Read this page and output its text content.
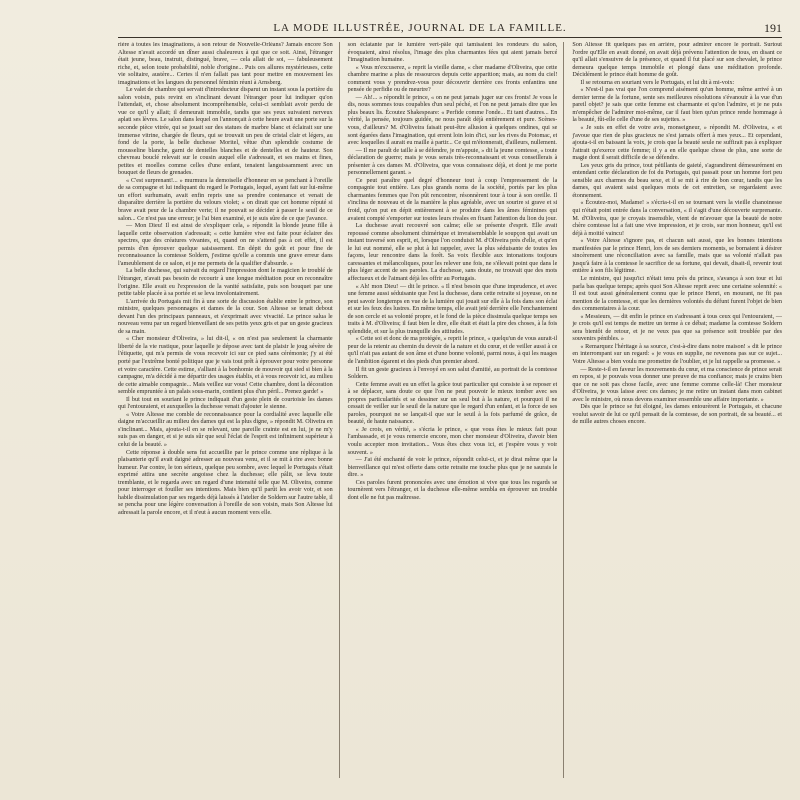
LA MODE ILLUSTRÉE, JOURNAL DE LA FAMILLE.	191

rière à toutes les imaginations, à son retour de Nouvelle-Orléans? Jamais encore Son Altesse n'avait accordé un dîner aussi chaleureux à qui que ce soit. Ainsi, l'étranger était jeune, beau, instruit, distingué, brave, — cela allait de soi, — fabuleusement riche, et, selon toute probabilité, noble d'origine... Puis ces allures mystérieuses, cette vie solitaire, austère... Certes il n'en fallait pas tant pour mettre en mouvement les imaginations et les langues du personnel féminin réuni à Arnsberg.

Le valet de chambre qui servait d'introducteur disparut un instant sous la portière du salon voisin, puis revint en s'inclinant devant l'étranger pour lui indiquer qu'on l'attendait, et, chose absolument incompréhensible, celui-ci semblait avoir perdu de vue ce qu'il y allait; il demeurait immobile, tandis que ses yeux suivaient nerveux aplati ses lèvres. Le salon dans lequel on l'annonçait à cette heure avait une porte sur la seconde pièce vitrée, qui se jouait sur des statues de marbre blanc et éclairait sur une immense vitrine, chargée de fleurs, qui se trouvait un peu de cristal clair et légers, au fond de la porte, la belle duchesse Moritel, vêtue d'un splendide costume de mousseline blanche, garni de dentelles blanches et de dentelles et de hauteur. Son chevreau bouclé relevait sur le cousin auquel elle s'adressait, et ses mains et fines, petites et moelles comme celles d'une enfant, tenaient languissamment avec un bouquet de fleurs de grenades.

« C'est surprenant!... » murmura la demoiselle d'honneur en se penchant à l'oreille de sa compagne et lui indiquant du regard le Portugais, lequel, ayant fait sur lui-même un effort surhumain, avait enfin repris une sa prendre contenance et venait de disparaître derrière la portière du velours violet; « on dirait que cet homme réputé si brave avait peur de la chambre verte; il ne pouvait se décider à passer le seuil de ce salon... Ce n'est pas une erreur; je l'ai bien examiné, et je suis sûre de ce que j'avance.

— Mon Dieu! Il est ainsi de s'expliquer cela, » répondit la blonde jeune fille à laquelle cette observation s'adressait; « cette lumière vive est faite pour éclairer des spectres, que des créatures vivantes, et, quand on ne s'attend pas à cet effet, il est permis d'en éprouver quelque saisissement. En dépit du goût et pour fine de reconnaissance la comtesse Soldern, j'estime qu'elle a commis une grave erreur dans l'ameublement de ce salon, et je me permets de la qualifier d'absurde. »

La belle duchesse, qui suivait du regard l'impression dont le magicien le troublé de l'étranger, n'avait pas besoin de recourir à une longue méditation pour en reconnaître l'origine. Elle avait eu l'expression de la vanité satisfaite, puis son bouquet par une petite table placée à sa portée et se leva involontairement.

L'arrivée du Portugais mit fin à une sorte de discussion établie entre le prince, son ministre, quelques personnages et dames de la cour. Son Altesse se tenait debout devant l'un des principaux panneaux, et s'exprimait avec vivacité. Le prince salua le nouveau venu par un regard bienveillant de ses petits yeux gris et par un geste gracieux de sa main.

« Cher monsieur d'Oliveira, » lui dit-il, « on n'est pas seulement la charmante liberté de la vie rustique, pour laquelle je dépose avec tant de plaisir le joug sévère de l'étiquette, qui m'a permis de vous recevoir ici sur ce pied sans cérémonie; j'y ai été porté par l'extrême bonté politique que je vais tout prêt à éprouver pour votre personne et votre caractère. Cette estime, s'alliant à la bonhomie de mouvoir qui sied si bien à la campagne, m'a décidé à me départir des usages établis, et à vous recevoir ici, au milieu de cette aimable compagnie... Mais veillez sur vous! Cette chambre, dont la décoration semble empruntée à un palais sous-marin, contient plus d'un péril... Prenez garde! »

Il but tout en souriant le prince indiquait d'un geste plein de courtoisie les dames qui l'entouraient, et auxquelles la duchesse venait d'ajouter le sienne.

« Votre Altesse me comble de reconnaissance pour la cordialité avec laquelle elle daigne m'accueillir au milieu des dames qui est la plus digne, » répondit M. Oliveira en s'inclinant... Mais, ajouta-t-il en se relevant, une pareille crainte est en lui, je ne m'y suis pas en danger, et si je suis sûr que seul l'éclat de l'esprit est infiniment supérieur à celui de la beauté. »

Cette réponse à double sens fut accueillie par le prince comme une réplique à la plaisanterie qu'il avait daigné adresser au nouveau venu, et il se mit à rire avec bonne humeur. Par contre, le ton sérieux, quelque peu sombre, avec lequel le Portugais s'était exprimé attira une secrète angoisse chez la duchesse; elle pâlit, se leva toute tremblante, et le regarda avec un regard d'une intensité telle que M. Oliveira, comme pour interroger et fouiller ses intentions. Mais bien qu'il parût les avoir voir, et son habile dissimulation par ses regards déjà laissés à l'atelier de Soldern sur l'autre table, il se pencha pour une légère conversation à l'oreille de son voisin, mais Son Altesse lui adressait la parole encore, et il n'eut à aucun moment vers elle.

son éclatante par le lumière vert-pâle qui tamisaient les rondeurs du salon, évoquaient, ainsi résolus, l'image des plus charmantes fées qui aient jamais bercé l'imagination humaine.

« Vous m'excuserez, » reprit la vieille dame, « cher madame d'Oliveira, que cette chambre marine a plus de ressources depuis cette apparition; mais, au nom du ciel! comment vous y prendrez-vous pour découvrir derrière ces fronts enfantins une pensée de perfidie ou de meurtre?

— Ah!... » répondit le prince, « on ne peut jamais juger sur ces fronts! Je vous le dis, nous sommes tous coupables d'un seul péché, et l'on ne peut jamais dire que les plus beaux lis. Écoutez Shakespeare: « Perfide comme l'onde... Et tant d'autres... En vérité, la pensée, toujours guidée, ne nous paraît déjà entièrement et pure. Scènes-vous, d'ailleurs? M. d'Oliveira faisait peut-être allusion à quelques ondines, qui se sont égarées dans l'imagination, qui errent loin loin d'ici, sur les rives du Potomac, et avec lesquelles il aurait eu maille à partir... Ce qui m'étonnerait, d'ailleurs, nullement.

— Il me paraît de taille à se défendre, je m'appuie, » dit la jeune comtesse, « toute déclaration de guerre; mais je vous serais très-reconnaissant et vous conseillerais à présenter à ces dames M. d'Oliveira, que vous connaissez déjà, et dont je me porte personnellement garant. »

Ce peut paraître quel degré d'honneur tout à coup l'empressement de la compagnie tout entière. Les plus grands noms de la société, portés par les plus charmantes femmes que l'on pût rencontrer, résonnèrent tour à tour à son oreille. Il s'inclina de nouveau et de la manière la plus agréable, avec un sourire si grave et si froid, qu'on put en dépit entièrement à se produire dans les âmes féminines qui avaient compté s'emporter sur toutes leurs rivales en fixant l'attention du lion du jour.

La duchesse avait recouvré son calme; elle se présente d'esprit. Elle avait repoussé comme absolument chimérique et invraisemblable le soupçon qui avait un instant traversé son esprit, et, lorsque l'on conduisit M. d'Oliveira près d'elle, et qu'en le lui eut nommé, elle se plut à lui rappeler, avec la plus séduisante de toutes les façons, leur rencontre dans la forêt. Sa voix flexible aux intonations toujours caressantes et mélancoliques, pour les relever une fois, ne s'élevait point que dans le plus léger accent de ses paroles. La duchesse, sans doute, ne trouvait que des mots affectueux et de l'aimant déjà les offrir au Portugais.

« Ah! mon Dieu! — dit le prince. « Il n'est besoin que d'une imprudence, et avec une femme aussi séduisante que l'est la duchesse, dans cette retraite si joyeuse, on ne peut savoir longtemps en vue de la lumière qui jouait sur elle à la fois dans son éclat et sur les feux des lustres. En même temps, elle avait jeté derrière elle l'enchantement de son cercle et sa volonté propre, et le fond de la pièce dissimula quelque temps ses traits à M. d'Oliveira; il faut bien le dire, elle était et était la pire des choses, à la fois splendide, et sur la plus tranquille des attitudes.

« Cette soi et donc de ma protégée, » reprit le prince, « quelqu'un de vous aurait-il peur de la retenir au chemin du devoir de la nature et du cœur, et de veiller aussi à ce qu'il n'ait pas autant de son âme et d'une bonne volonté, parmi nous, à qui les nuages de l'ambition égarent et des pieds d'un premier abord.

Il fit un geste gracieux à l'envoyé en son salut d'amitié, au portrait de la comtesse Soldern.

Cette femme avait eu un effet la grâce tout particulier qui consiste à se reposer et à se déplacer, sans doute ce que l'on ne peut pouvoir le mieux tomber avec ses propres particularités et se dessiner sur un seul but à la nature, et pourquoi il ne cessait de veiller sur le seuil de la nature que le regard d'un enfant, et la force de ses paroles, pourquoi ne se lançait-il que sur le seuil à la fois parfumé de grâce, de beauté, de haute naissance.

« Je crois, en vérité, » s'écria le prince, « que vous êtes le mieux fait pour l'ambassade, et je vous remercie encore, mon cher monsieur d'Oliveira, d'avoir bien voulu accepter mon invitation... Vous êtes chez vous ici, et j'espère vous y voir souvent. »

— J'ai été enchanté de voir le prince, répondit celui-ci, et je dirai même que la bienveillance qui m'est offerte dans cette retraite me touche plus que je ne saurais le dire. »

Ces paroles furent prononcées avec une émotion si vive que tous les regards se tournèrent vers l'étranger, et la duchesse elle-même sembla en éprouver un trouble dont elle ne fut pas maîtresse.

Son Altesse fit quelques pas en arrière, pour admirer encore le portrait. Surtout l'ordre qu'Elle en avait donné, on avait déjà prévenu l'attention de tous, en disant ce qu'il allait s'ensuivre de la présence, et quand il fut placé sur son chevalet, le prince demeura quelque temps immobile et plongé dans une méditation profonde. Décidément le prince était homme de goût.

Il se retourna en souriant vers le Portugais, et lui dit à mi-voix:

« N'est-il pas vrai que l'on comprend aisément qu'un homme, même arrivé à un dernier terme de la fortune, sente ses meilleures résolutions s'évanouir à la vue d'un pareil objet? je sais que cette femme est charmante et qu'on l'admire, et je ne puis m'empêcher de l'admirer moi-même, car il faut bien qu'un prince rende hommage à la beauté, fût-elle celle d'une de ses sujettes. »

« Je suis en effet de votre avis, monseigneur, » répondit M. d'Oliveira, « et j'avoue que rien de plus gracieux ne s'est jamais offert à mes yeux... Et cependant, ajouta-t-il en baissant la voix, je crois que la beauté seule ne suffirait pas à expliquer l'attrait qu'exerce cette femme; il y a en elle quelque chose de plus, une sorte de magie dont il serait difficile de se défendre.

Les yeux gris du prince, tout pétillants de gaieté, s'agrandirent démesurément en entendant cette déclaration de foi du Portugais, qui passait pour un homme fort peu sensible aux charmes du beau sexe, et il se mit à rire de bon cœur, tandis que les dames, qui avaient saisi quelques mots de cet entretien, se regardaient avec étonnement.

« Écoutez-moi, Madame! » s'écria-t-il en se tournant vers la vieille chanoinesse qui n'était point entrée dans la conversation, « il s'agit d'une découverte surprenante. M. d'Oliveira, que je croyais insensible, vient de m'avouer que la beauté de notre chère comtesse lui a fait une vive impression, et je crois, sur mon honneur, qu'il est déjà à moitié vaincu!

« Votre Altesse s'ignore pas, et chacun sait aussi, que les bonnes intentions manifestées par le prince Henri, lors de ses derniers moments, se bornaient à désirer sincèrement une réconciliation avec sa famille, mais que sa volonté n'allait pas jusqu'à faire à la comtesse le sacrifice de sa fortune, qui devait, disait-il, revenir tout entière à son fils légitime.

Le ministre, qui jusqu'ici n'était tenu près du prince, s'avança à son tour et lui parla bas quelque temps; après quoi Son Altesse reprit avec une certaine solennité: « Il est tout aussi généralement connu que le prince Henri, en mourant, ne fit pas mention de la comtesse, et que les dernières volontés du défunt furent l'objet de bien des commentaires à la cour.

« Messieurs, — dit enfin le prince en s'adressant à tous ceux qui l'entouraient, — je crois qu'il est temps de mettre un terme à ce débat; madame la comtesse Soldern sera bientôt de retour, et je ne veux pas que sa présence soit troublée par des souvenirs pénibles. »

« Remarquez l'héritage à sa source, c'est-à-dire dans notre maison! » dit le prince en interrompant sur un regard: « je vous en supplie, ne revenons pas sur ce sujet... Votre Altesse a bien voulu me promettre de l'oublier, et je lui rappelle sa promesse. »

— Reste-t-il en faveur les mouvements du cœur, et ma conscience de prince serait en repos, si je pouvais vous donner une preuve de ma confiance; mais je crains bien que ce ne soit pas chose facile, avec une femme comme celle-là! Cher monsieur d'Oliveira, je vous laisse avec ces dames; je me retire un instant dans mon cabinet avec le ministre, où nous devons examiner ensemble une affaire importante. »

Dès que le prince se fut éloigné, les dames entourèrent le Portugais, et chacune voulut savoir de lui ce qu'il pensait de la comtesse, de son portrait, de sa beauté... et de mille autres choses encore.
